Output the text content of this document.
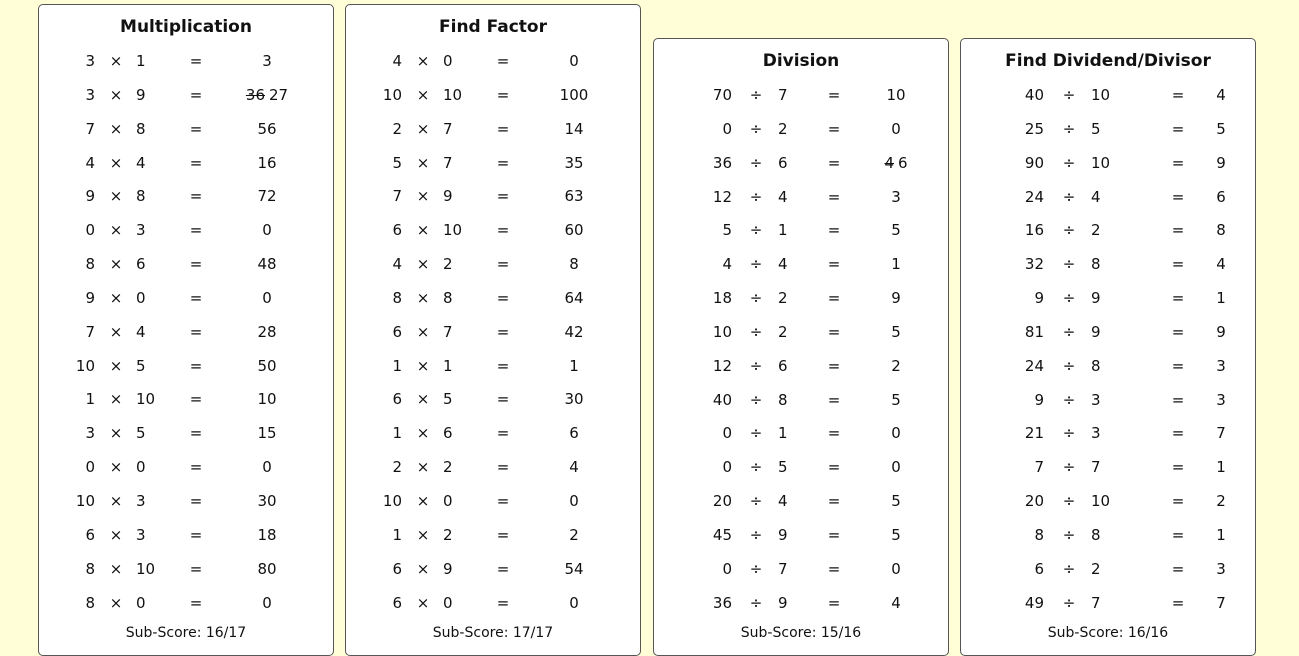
Multiplication
3 × 1	=	3
3 × 9	=	36 27
7 × 8	=	56
4 × 4	=	16
9 × 8	=	72
0 × 3	=	0
8 × 6	=	48
9 × 0	=	0
7 × 4	=	28
10 × 5	=	50
1 × 10	=	10
3 × 5	=	15
0 × 0	=	0
10 × 3	=	30
6 × 3	=	18
8 × 10	=	80
8 × 0	=	0
Sub-Score: 16/17
Find Factor
4 × 0	=	0
10 × 10	=	100
2 × 7	=	14
5 × 7	=	35
7 × 9	=	63
6 × 10	=	60
4 × 2	=	8
8 × 8	=	64
6 × 7	=	42
1 × 1	=	1
6 × 5	=	30
1 × 6	=	6
2 × 2	=	4
10 × 0	=	0
1 × 2	=	2
6 × 9	=	54
6 × 0	=	0
Sub-Score: 17/17
Division
70 ÷ 7	=	10
0 ÷ 2	=	0
36 ÷ 6	=	4 6
12 ÷ 4	=	3
5 ÷ 1	=	5
4 ÷ 4	=	1
18 ÷ 2	=	9
10 ÷ 2	=	5
12 ÷ 6	=	2
40 ÷ 8	=	5
0 ÷ 1	=	0
0 ÷ 5	=	0
20 ÷ 4	=	5
45 ÷ 9	=	5
0 ÷ 7	=	0
36 ÷ 9	=	4
Sub-Score: 15/16
Find Dividend/Divisor
40 ÷ 10	=	4
25 ÷ 5	=	5
90 ÷ 10	=	9
24 ÷ 4	=	6
16 ÷ 2	=	8
32 ÷ 8	=	4
9 ÷ 9	=	1
81 ÷ 9	=	9
24 ÷ 8	=	3
9 ÷ 3	=	3
21 ÷ 3	=	7
7 ÷ 7	=	1
20 ÷ 10	=	2
8 ÷ 8	=	1
6 ÷ 2	=	3
49 ÷ 7	=	7
Sub-Score: 16/16
